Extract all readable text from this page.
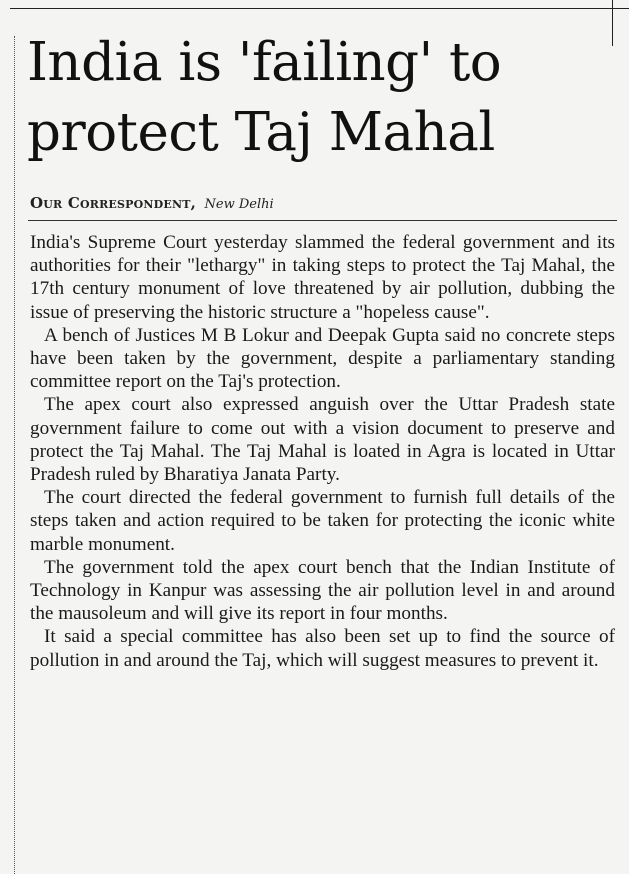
India is 'failing' to protect Taj Mahal
Our Correspondent, New Delhi

India's Supreme Court yesterday slammed the federal government and its authorities for their "lethargy" in taking steps to protect the Taj Mahal, the 17th century monument of love threatened by air pollution, dubbing the issue of preserving the historic structure a "hopeless cause".

A bench of Justices M B Lokur and Deepak Gupta said no concrete steps have been taken by the government, despite a parliamentary standing committee report on the Taj's protection.

The apex court also expressed anguish over the Uttar Pradesh state government failure to come out with a vision document to preserve and protect the Taj Mahal. The Taj Mahal is loated in Agra is located in Uttar Pradesh ruled by Bharatiya Janata Party.

The court directed the federal government to furnish full details of the steps taken and action required to be taken for protecting the iconic white marble monument.

The government told the apex court bench that the Indian Institute of Technology in Kanpur was assessing the air pollution level in and around the mausoleum and will give its report in four months.

It said a special committee has also been set up to find the source of pollution in and around the Taj, which will suggest measures to prevent it.
